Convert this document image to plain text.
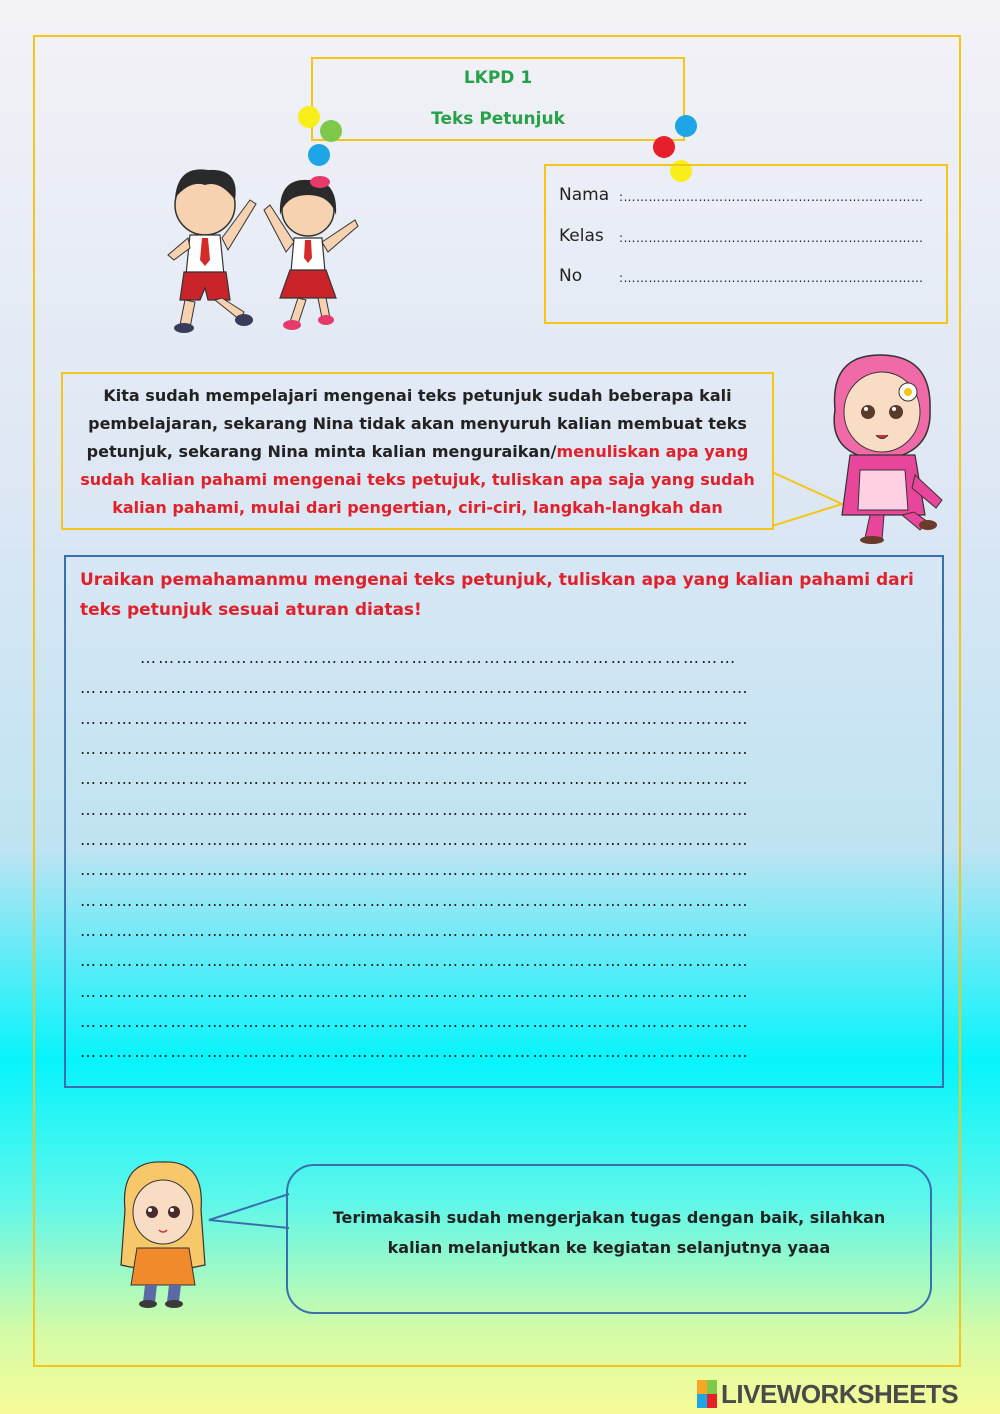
LKPD 1
Teks Petunjuk
Nama :………………………………………………………………
Kelas	:………………………………………………………………
No	:………………………………………………………………
Kita sudah mempelajari mengenai teks petunjuk sudah beberapa kali pembelajaran, sekarang Nina tidak akan menyuruh kalian membuat teks petunjuk, sekarang Nina minta kalian menguraikan/menuliskan apa yang sudah kalian pahami mengenai teks petujuk, tuliskan apa saja yang sudah kalian pahami, mulai dari pengertian, ciri-ciri, langkah-langkah dan
Uraikan pemahamanmu mengenai teks petunjuk, tuliskan apa yang kalian pahami dari teks petunjuk sesuai aturan diatas!
………………………………………………………………………………………
…………………………………………………………………………………………………
…………………………………………………………………………………………………
…………………………………………………………………………………………………
…………………………………………………………………………………………………
…………………………………………………………………………………………………
…………………………………………………………………………………………………
…………………………………………………………………………………………………
…………………………………………………………………………………………………
…………………………………………………………………………………………………
…………………………………………………………………………………………………
…………………………………………………………………………………………………
…………………………………………………………………………………………………
…………………………………………………………………………………………………
Terimakasih sudah mengerjakan tugas dengan baik, silahkan kalian melanjutkan ke kegiatan selanjutnya yaaa
LIVEWORKSHEETS
